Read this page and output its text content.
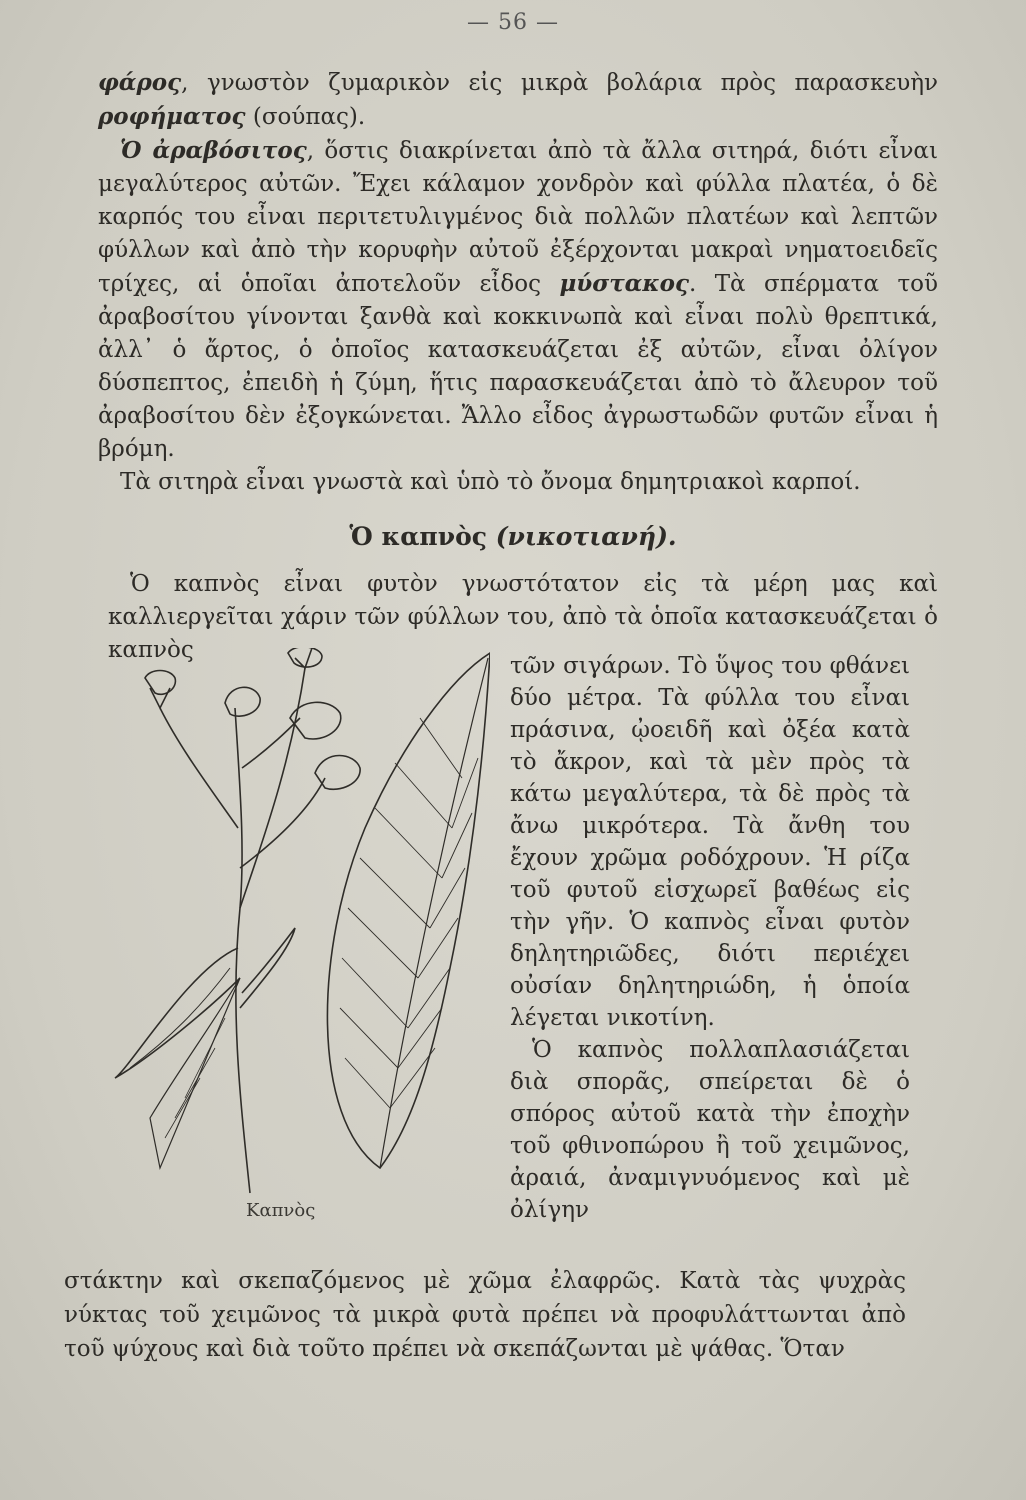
— 56 —

φάρος, γνωστὸν ζυμαρικὸν εἰς μικρὰ βολάρια πρὸς παρασκευὴν ροφήματος (σούπας).

Ὁ ἀραβόσιτος, ὅστις διακρίνεται ἀπὸ τὰ ἄλλα σιτηρά, διότι εἶναι μεγαλύτερος αὐτῶν. Ἔχει κάλαμον χονδρὸν καὶ φύλλα πλατέα, ὁ δὲ καρπός του εἶναι περιτετυλιγμένος διὰ πολλῶν πλατέων καὶ λεπτῶν φύλλων καὶ ἀπὸ τὴν κορυφὴν αὐτοῦ ἐξέρχονται μακραὶ νηματοειδεῖς τρίχες, αἱ ὁποῖαι ἀποτελοῦν εἶδος μύστακος. Τὰ σπέρματα τοῦ ἀραβοσίτου γίνονται ξανθὰ καὶ κοκκινωπὰ καὶ εἶναι πολὺ θρεπτικά, ἀλλ᾽ ὁ ἄρτος, ὁ ὁποῖος κατασκευάζεται ἐξ αὐτῶν, εἶναι ὀλίγον δύσπεπτος, ἐπειδὴ ἡ ζύμη, ἥτις παρασκευάζεται ἀπὸ τὸ ἄλευρον τοῦ ἀραβοσίτου δὲν ἐξογκώνεται. Ἄλλο εἶδος ἀγρωστωδῶν φυτῶν εἶναι ἡ βρόμη.

Τὰ σιτηρὰ εἶναι γνωστὰ καὶ ὑπὸ τὸ ὄνομα δημητριακοὶ καρποί.

Ὁ καπνὸς (νικοτιανή).

Ὁ καπνὸς εἶναι φυτὸν γνωστότατον εἰς τὰ μέρη μας καὶ καλλιεργεῖται χάριν τῶν φύλλων του, ἀπὸ τὰ ὁποῖα κατασκευάζεται ὁ καπνὸς

Καπνὸς

τῶν σιγάρων. Τὸ ὕψος του φθάνει δύο μέτρα. Τὰ φύλλα του εἶναι πράσινα, ᾠοειδῆ καὶ ὀξέα κατὰ τὸ ἄκρον, καὶ τὰ μὲν πρὸς τὰ κάτω μεγαλύτερα, τὰ δὲ πρὸς τὰ ἄνω μικρότερα. Τὰ ἄνθη του ἔχουν χρῶμα ροδόχρουν. Ἡ ρίζα τοῦ φυτοῦ εἰσχωρεῖ βαθέως εἰς τὴν γῆν. Ὁ καπνὸς εἶναι φυτὸν δηλητηριῶδες, διότι περιέχει οὐσίαν δηλητηριώδη, ἡ ὁποία λέγεται νικοτίνη.

Ὁ καπνὸς πολλαπλασιάζεται διὰ σπορᾶς, σπείρεται δὲ ὁ σπόρος αὐτοῦ κατὰ τὴν ἐποχὴν τοῦ φθινοπώρου ἢ τοῦ χειμῶνος, ἀραιά, ἀναμιγνυόμενος καὶ μὲ ὀλίγην

στάκτην καὶ σκεπαζόμενος μὲ χῶμα ἐλαφρῶς. Κατὰ τὰς ψυχρὰς νύκτας τοῦ χειμῶνος τὰ μικρὰ φυτὰ πρέπει νὰ προφυλάττωνται ἀπὸ τοῦ ψύχους καὶ διὰ τοῦτο πρέπει νὰ σκεπάζωνται μὲ ψάθας. Ὅταν
